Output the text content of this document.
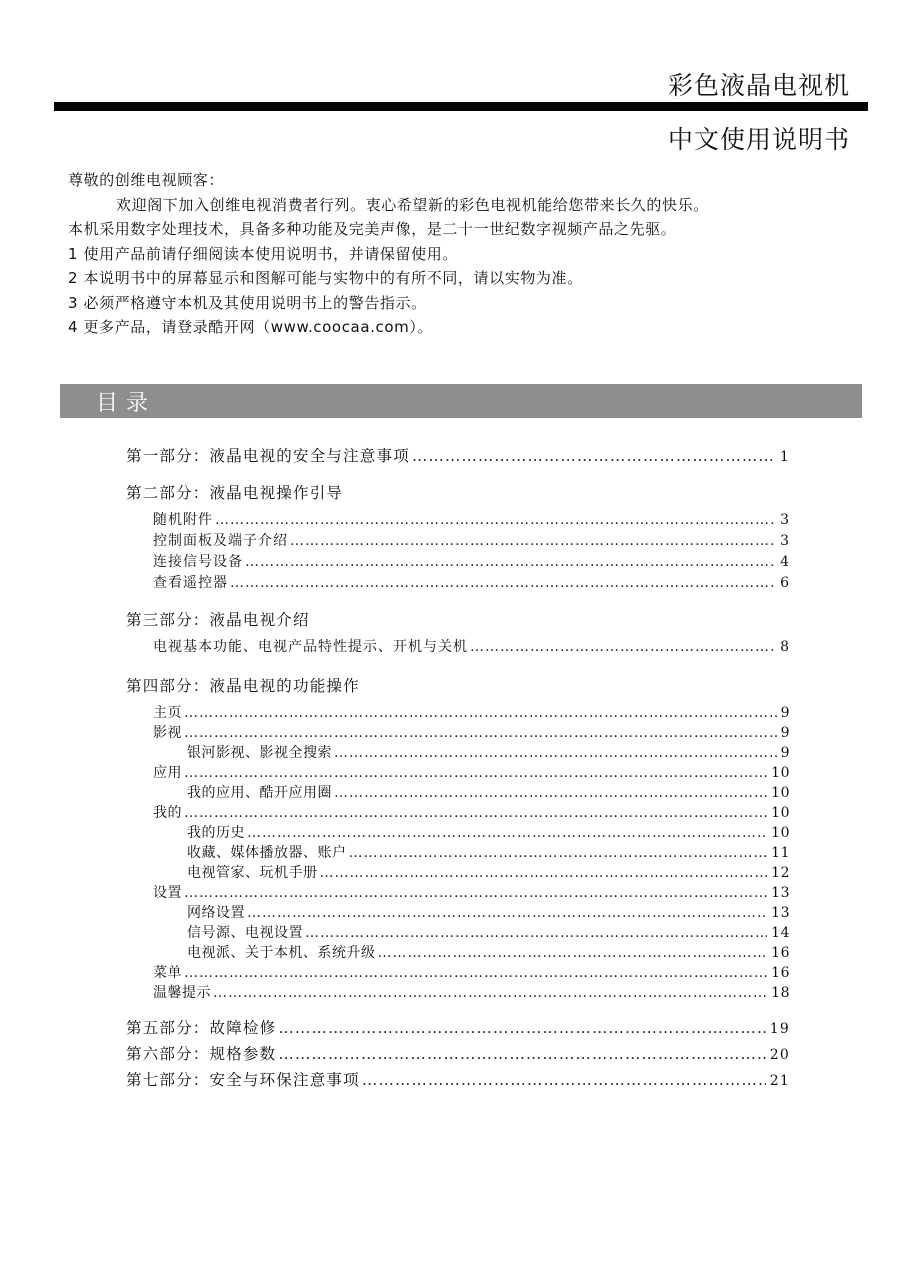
彩色液晶电视机
中文使用说明书

尊敬的创维电视顾客：

欢迎阁下加入创维电视消费者行列。衷心希望新的彩色电视机能给您带来长久的快乐。

本机采用数字处理技术，具备多种功能及完美声像，是二十一世纪数字视频产品之先驱。

1 使用产品前请仔细阅读本使用说明书，并请保留使用。

2 本说明书中的屏幕显示和图解可能与实物中的有所不同，请以实物为准。

3 必须严格遵守本机及其使用说明书上的警告指示。

4 更多产品，请登录酷开网（www.coocaa.com）。

目录
第一部分：液晶电视的安全与注意事项 ……………………………………………………………………………………………………………………………………………………………………………………	1
第二部分：液晶电视操作引导
随机附件 ……………………………………………………………………………………………………………………………………………………………………………………	3
控制面板及端子介绍 ……………………………………………………………………………………………………………………………………………………………………………………	3
连接信号设备 ……………………………………………………………………………………………………………………………………………………………………………………	4
查看遥控器 ……………………………………………………………………………………………………………………………………………………………………………………	6
第三部分：液晶电视介绍
电视基本功能、电视产品特性提示、开机与关机 ……………………………………………………………………………………………………………………………………………………………………………………	8
第四部分：液晶电视的功能操作
主页 ……………………………………………………………………………………………………………………………………………………………………………………	9
影视 ……………………………………………………………………………………………………………………………………………………………………………………	9
银河影视、影视全搜索 ……………………………………………………………………………………………………………………………………………………………………………………	9
应用 ……………………………………………………………………………………………………………………………………………………………………………………	10
我的应用、酷开应用圈 ……………………………………………………………………………………………………………………………………………………………………………………	10
我的 ……………………………………………………………………………………………………………………………………………………………………………………	10
我的历史 ……………………………………………………………………………………………………………………………………………………………………………………	10
收藏、媒体播放器、账户 ……………………………………………………………………………………………………………………………………………………………………………………	11
电视管家、玩机手册 ……………………………………………………………………………………………………………………………………………………………………………………	12
设置 ……………………………………………………………………………………………………………………………………………………………………………………	13
网络设置 ……………………………………………………………………………………………………………………………………………………………………………………	13
信号源、电视设置 ……………………………………………………………………………………………………………………………………………………………………………………	14
电视派、关于本机、系统升级 ……………………………………………………………………………………………………………………………………………………………………………………	16
菜单 ……………………………………………………………………………………………………………………………………………………………………………………	16
温馨提示 ……………………………………………………………………………………………………………………………………………………………………………………	18
第五部分：故障检修 ……………………………………………………………………………………………………………………………………………………………………………………	19
第六部分：规格参数 ……………………………………………………………………………………………………………………………………………………………………………………	20
第七部分：安全与环保注意事项 ……………………………………………………………………………………………………………………………………………………………………………………	21
